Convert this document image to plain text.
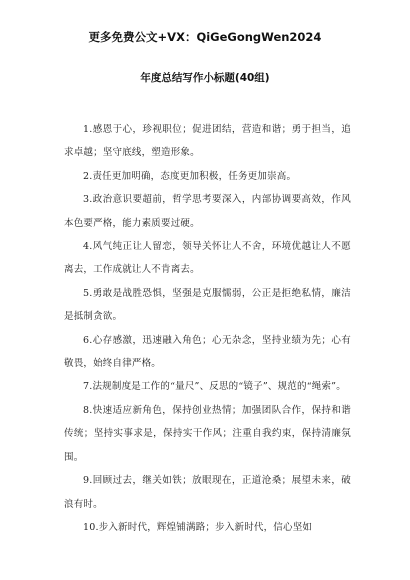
更多免费公文+VX：QiGeGongWen2024
年度总结写作小标题(40组)

1.感恩于心，珍视职位；促进团结，营造和谐；勇于担当，追求卓越；坚守底线，塑造形象。

2.责任更加明确，态度更加积极，任务更加崇高。

3.政治意识要超前，哲学思考要深入，内部协调要高效，作风本色要严格，能力素质要过硬。

4.风气纯正让人留恋，领导关怀让人不舍，环境优越让人不愿离去，工作成就让人不肯离去。

5.勇敢是战胜恐惧，坚强是克服懦弱，公正是拒绝私情，廉洁是抵制贪欲。

6.心存感激，迅速融入角色；心无杂念，坚持业绩为先；心有敬畏，始终自律严格。

7.法规制度是工作的“量尺”、反思的“镜子”、规范的“绳索”。

8.快速适应新角色，保持创业热情；加强团队合作，保持和谐传统；坚持实事求是，保持实干作风；注重自我约束，保持清廉氛围。

9.回顾过去，继关如铁；放眼现在，正道沧桑；展望未来，破浪有时。

10.步入新时代，辉煌铺满路；步入新时代，信心坚如
